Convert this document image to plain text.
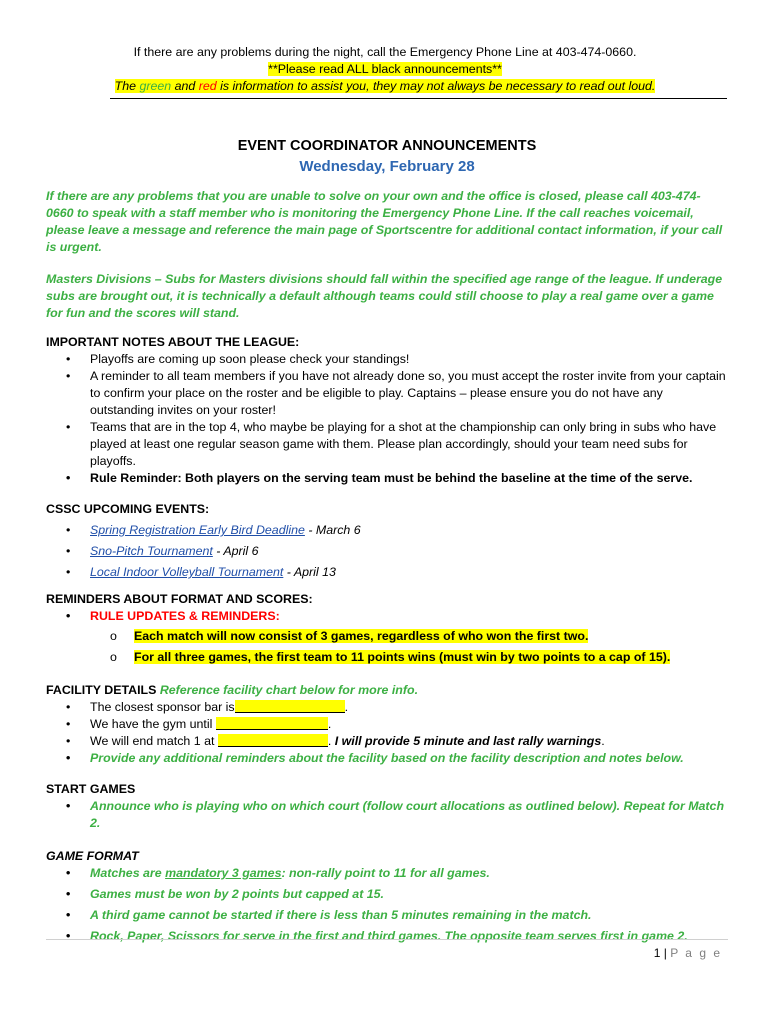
If there are any problems during the night, call the Emergency Phone Line at 403-474-0660.
**Please read ALL black announcements**
The green and red is information to assist you, they may not always be necessary to read out loud.
EVENT COORDINATOR ANNOUNCEMENTS
Wednesday, February 28
If there are any problems that you are unable to solve on your own and the office is closed, please call 403-474-0660 to speak with a staff member who is monitoring the Emergency Phone Line. If the call reaches voicemail, please leave a message and reference the main page of Sportscentre for additional contact information, if your call is urgent.
Masters Divisions – Subs for Masters divisions should fall within the specified age range of the league. If underage subs are brought out, it is technically a default although teams could still choose to play a real game over a game for fun and the scores will stand.
IMPORTANT NOTES ABOUT THE LEAGUE:
• Playoffs are coming up soon please check your standings!
• A reminder to all team members if you have not already done so, you must accept the roster invite from your captain to confirm your place on the roster and be eligible to play. Captains – please ensure you do not have any outstanding invites on your roster!
• Teams that are in the top 4, who maybe be playing for a shot at the championship can only bring in subs who have played at least one regular season game with them. Please plan accordingly, should your team need subs for playoffs.
• Rule Reminder: Both players on the serving team must be behind the baseline at the time of the serve.
CSSC UPCOMING EVENTS:
• Spring Registration Early Bird Deadline - March 6
• Sno-Pitch Tournament - April 6
• Local Indoor Volleyball Tournament - April 13
REMINDERS ABOUT FORMAT AND SCORES:
• RULE UPDATES & REMINDERS:
o Each match will now consist of 3 games, regardless of who won the first two.
o For all three games, the first team to 11 points wins (must win by two points to a cap of 15).
FACILITY DETAILS Reference facility chart below for more info.
• The closest sponsor bar is	.
• We have the gym until	.
• We will end match 1 at	. I will provide 5 minute and last rally warnings.
• Provide any additional reminders about the facility based on the facility description and notes below.
START GAMES
• Announce who is playing who on which court (follow court allocations as outlined below). Repeat for Match 2.
GAME FORMAT
• Matches are mandatory 3 games: non-rally point to 11 for all games.
• Games must be won by 2 points but capped at 15.
• A third game cannot be started if there is less than 5 minutes remaining in the match.
• Rock, Paper, Scissors for serve in the first and third games. The opposite team serves first in game 2.
1 | P a g e
